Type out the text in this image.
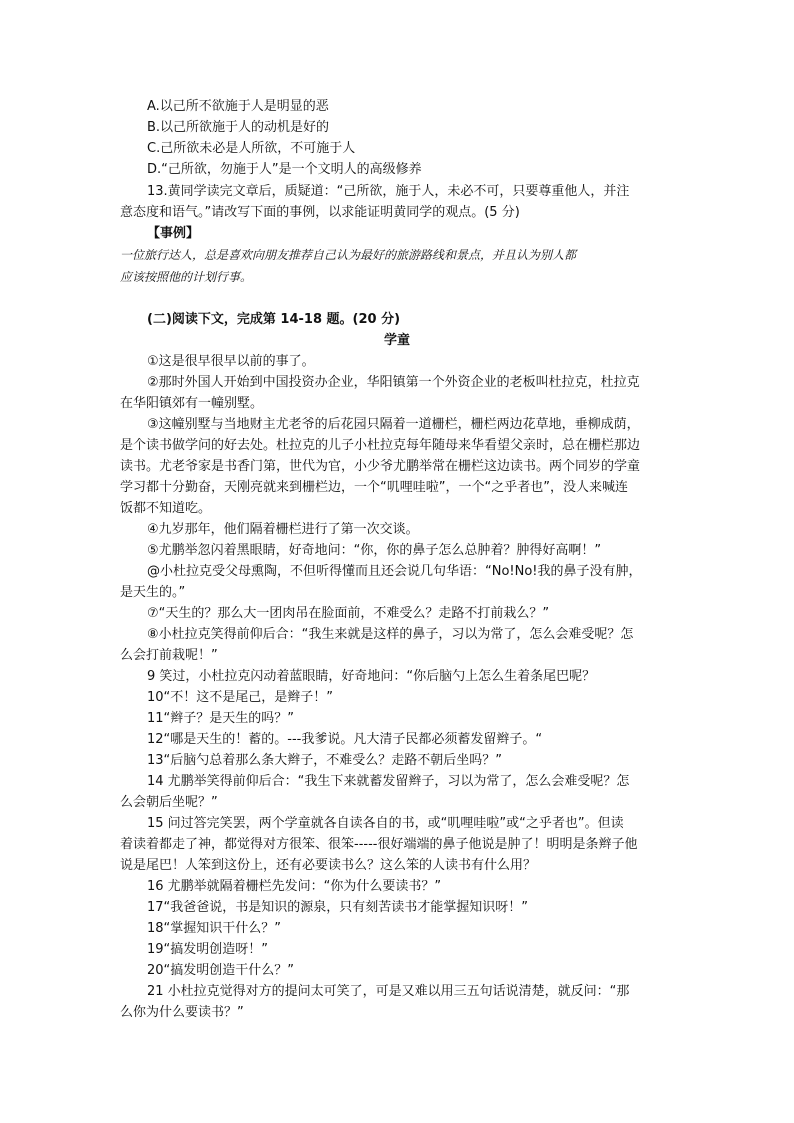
A.以己所不欲施于人是明显的恶
B.以己所欲施于人的动机是好的
C.己所欲未必是人所欲，不可施于人
D.“己所欲，勿施于人”是一个文明人的高级修养
13.黄同学读完文章后，质疑道：“己所欲，施于人，未必不可，只要尊重他人，并注
意态度和语气。”请改写下面的事例，以求能证明黄同学的观点。(5 分)
【事例】
一位旅行达人，总是喜欢向朋友推荐自己认为最好的旅游路线和景点，并且认为别人都
应该按照他的计划行事。
(二)阅读下文，完成第 14-18 题。(20 分)
学童
①这是很早很早以前的事了。
②那时外国人开始到中国投资办企业，华阳镇第一个外资企业的老板叫杜拉克，杜拉克
在华阳镇郊有一幢别墅。
③这幢别墅与当地财主尤老爷的后花园只隔着一道栅栏，栅栏两边花草地，垂柳成荫，
是个读书做学问的好去处。杜拉克的儿子小杜拉克每年随母来华看望父亲时，总在栅栏那边
读书。尤老爷家是书香门第，世代为官，小少爷尤鹏举常在栅栏这边读书。两个同岁的学童
学习都十分勤奋，天刚亮就来到栅栏边，一个“叽哩哇啦”，一个“之乎者也”，没人来喊连
饭都不知道吃。
④九岁那年，他们隔着栅栏进行了第一次交谈。
⑤尤鹏举忽闪着黑眼睛，好奇地问：“你，你的鼻子怎么总肿着？肿得好高啊！”
@小杜拉克受父母熏陶，不但听得懂而且还会说几句华语：“No!No!我的鼻子没有肿，
是天生的。”
⑦“天生的？那么大一团肉吊在脸面前，不难受么？走路不打前栽么？”
⑧小杜拉克笑得前仰后合：“我生来就是这样的鼻子，习以为常了，怎么会难受呢？怎
么会打前栽呢！”
9 笑过，小杜拉克闪动着蓝眼睛，好奇地问：“你后脑勺上怎么生着条尾巴呢？
10“不！这不是尾己，是辫子！”
11“辫子？是天生的吗？”
12“哪是天生的！蓄的。---我爹说。凡大清子民都必须蓄发留辫子。“
13“后脑勺总着那么条大辫子，不难受么？走路不朝后坐吗？”
14 尤鹏举笑得前仰后合：“我生下来就蓄发留辫子，习以为常了，怎么会难受呢？怎
么会朝后坐呢？”
15 问过答完笑罢，两个学童就各自读各自的书，或“叽哩哇啦”或“之乎者也”。但读
着读着都走了神，都觉得对方很笨、很笨-----很好端端的鼻子他说是肿了！明明是条辫子他
说是尾巴！人笨到这份上，还有必要读书么？这么笨的人读书有什么用？
16 尤鹏举就隔着栅栏先发问：“你为什么要读书？”
17“我爸爸说，书是知识的源泉，只有刻苦读书才能掌握知识呀！”
18“掌握知识干什么？”
19“搞发明创造呀！”
20“搞发明创造干什么？”
21 小杜拉克觉得对方的提问太可笑了，可是又难以用三五句话说清楚，就反问：“那
么你为什么要读书？”
